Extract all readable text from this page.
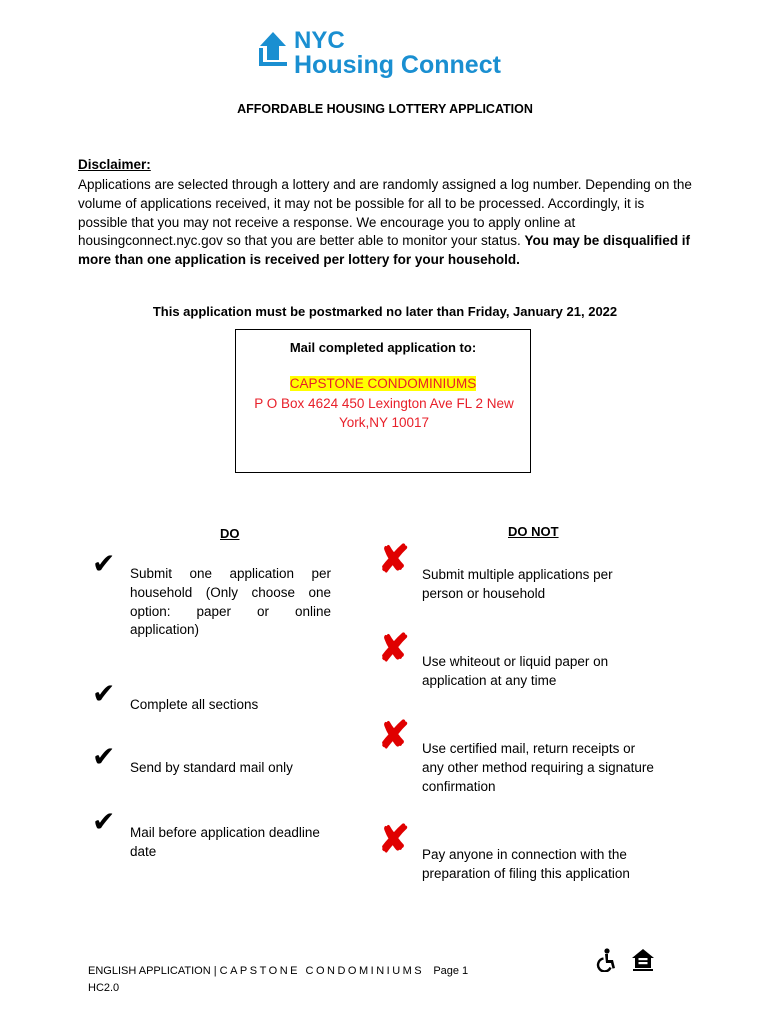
NYC
Housing Connect
AFFORDABLE HOUSING LOTTERY APPLICATION
Disclaimer:
Applications are selected through a lottery and are randomly assigned a log number. Depending on the volume of applications received, it may not be possible for all to be processed. Accordingly, it is possible that you may not receive a response. We encourage you to apply online at housingconnect.nyc.gov so that you are better able to monitor your status. You may be disqualified if more than one application is received per lottery for your household.
This application must be postmarked no later than Friday, January 21, 2022
Mail completed application to:
CAPSTONE CONDOMINIUMS
P O Box 4624 450 Lexington Ave FL 2 New York,NY 10017
DO
✔ Submit one application per household (Only choose one option: paper or online application)
✔ Complete all sections
✔ Send by standard mail only
✔ Mail before application deadline date
DO NOT
✘ Submit multiple applications per person or household
✘ Use whiteout or liquid paper on application at any time
✘ Use certified mail, return receipts or any other method requiring a signature confirmation
✘ Pay anyone in connection with the preparation of filing this application
ENGLISH APPLICATION | CAPSTONE CONDOMINIUMS Page 1
HC2.0
